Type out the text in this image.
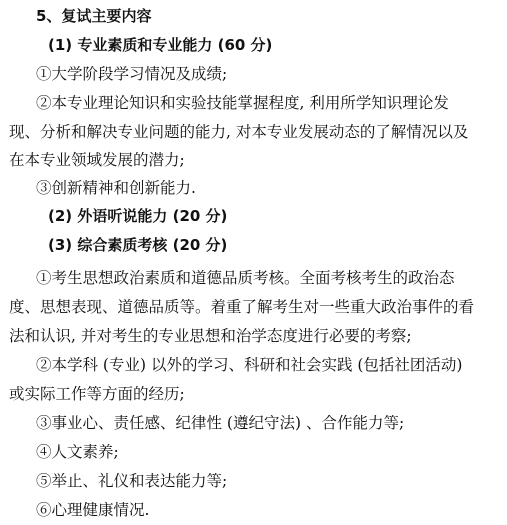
5、复试主要内容
(1) 专业素质和专业能力 (60 分)
①大学阶段学习情况及成绩;
②本专业理论知识和实验技能掌握程度, 利用所学知识理论发
现、分析和解决专业问题的能力, 对本专业发展动态的了解情况以及
在本专业领域发展的潜力;
③创新精神和创新能力.
(2) 外语听说能力 (20 分)
(3) 综合素质考核 (20 分)
①考生思想政治素质和道德品质考核。全面考核考生的政治态
度、思想表现、道德品质等。着重了解考生对一些重大政治事件的看
法和认识, 并对考生的专业思想和治学态度进行必要的考察;
②本学科 (专业) 以外的学习、科研和社会实践 (包括社团活动)
或实际工作等方面的经历;
③事业心、责任感、纪律性 (遵纪守法) 、合作能力等;
④人文素养;
⑤举止、礼仪和表达能力等;
⑥心理健康情况.
